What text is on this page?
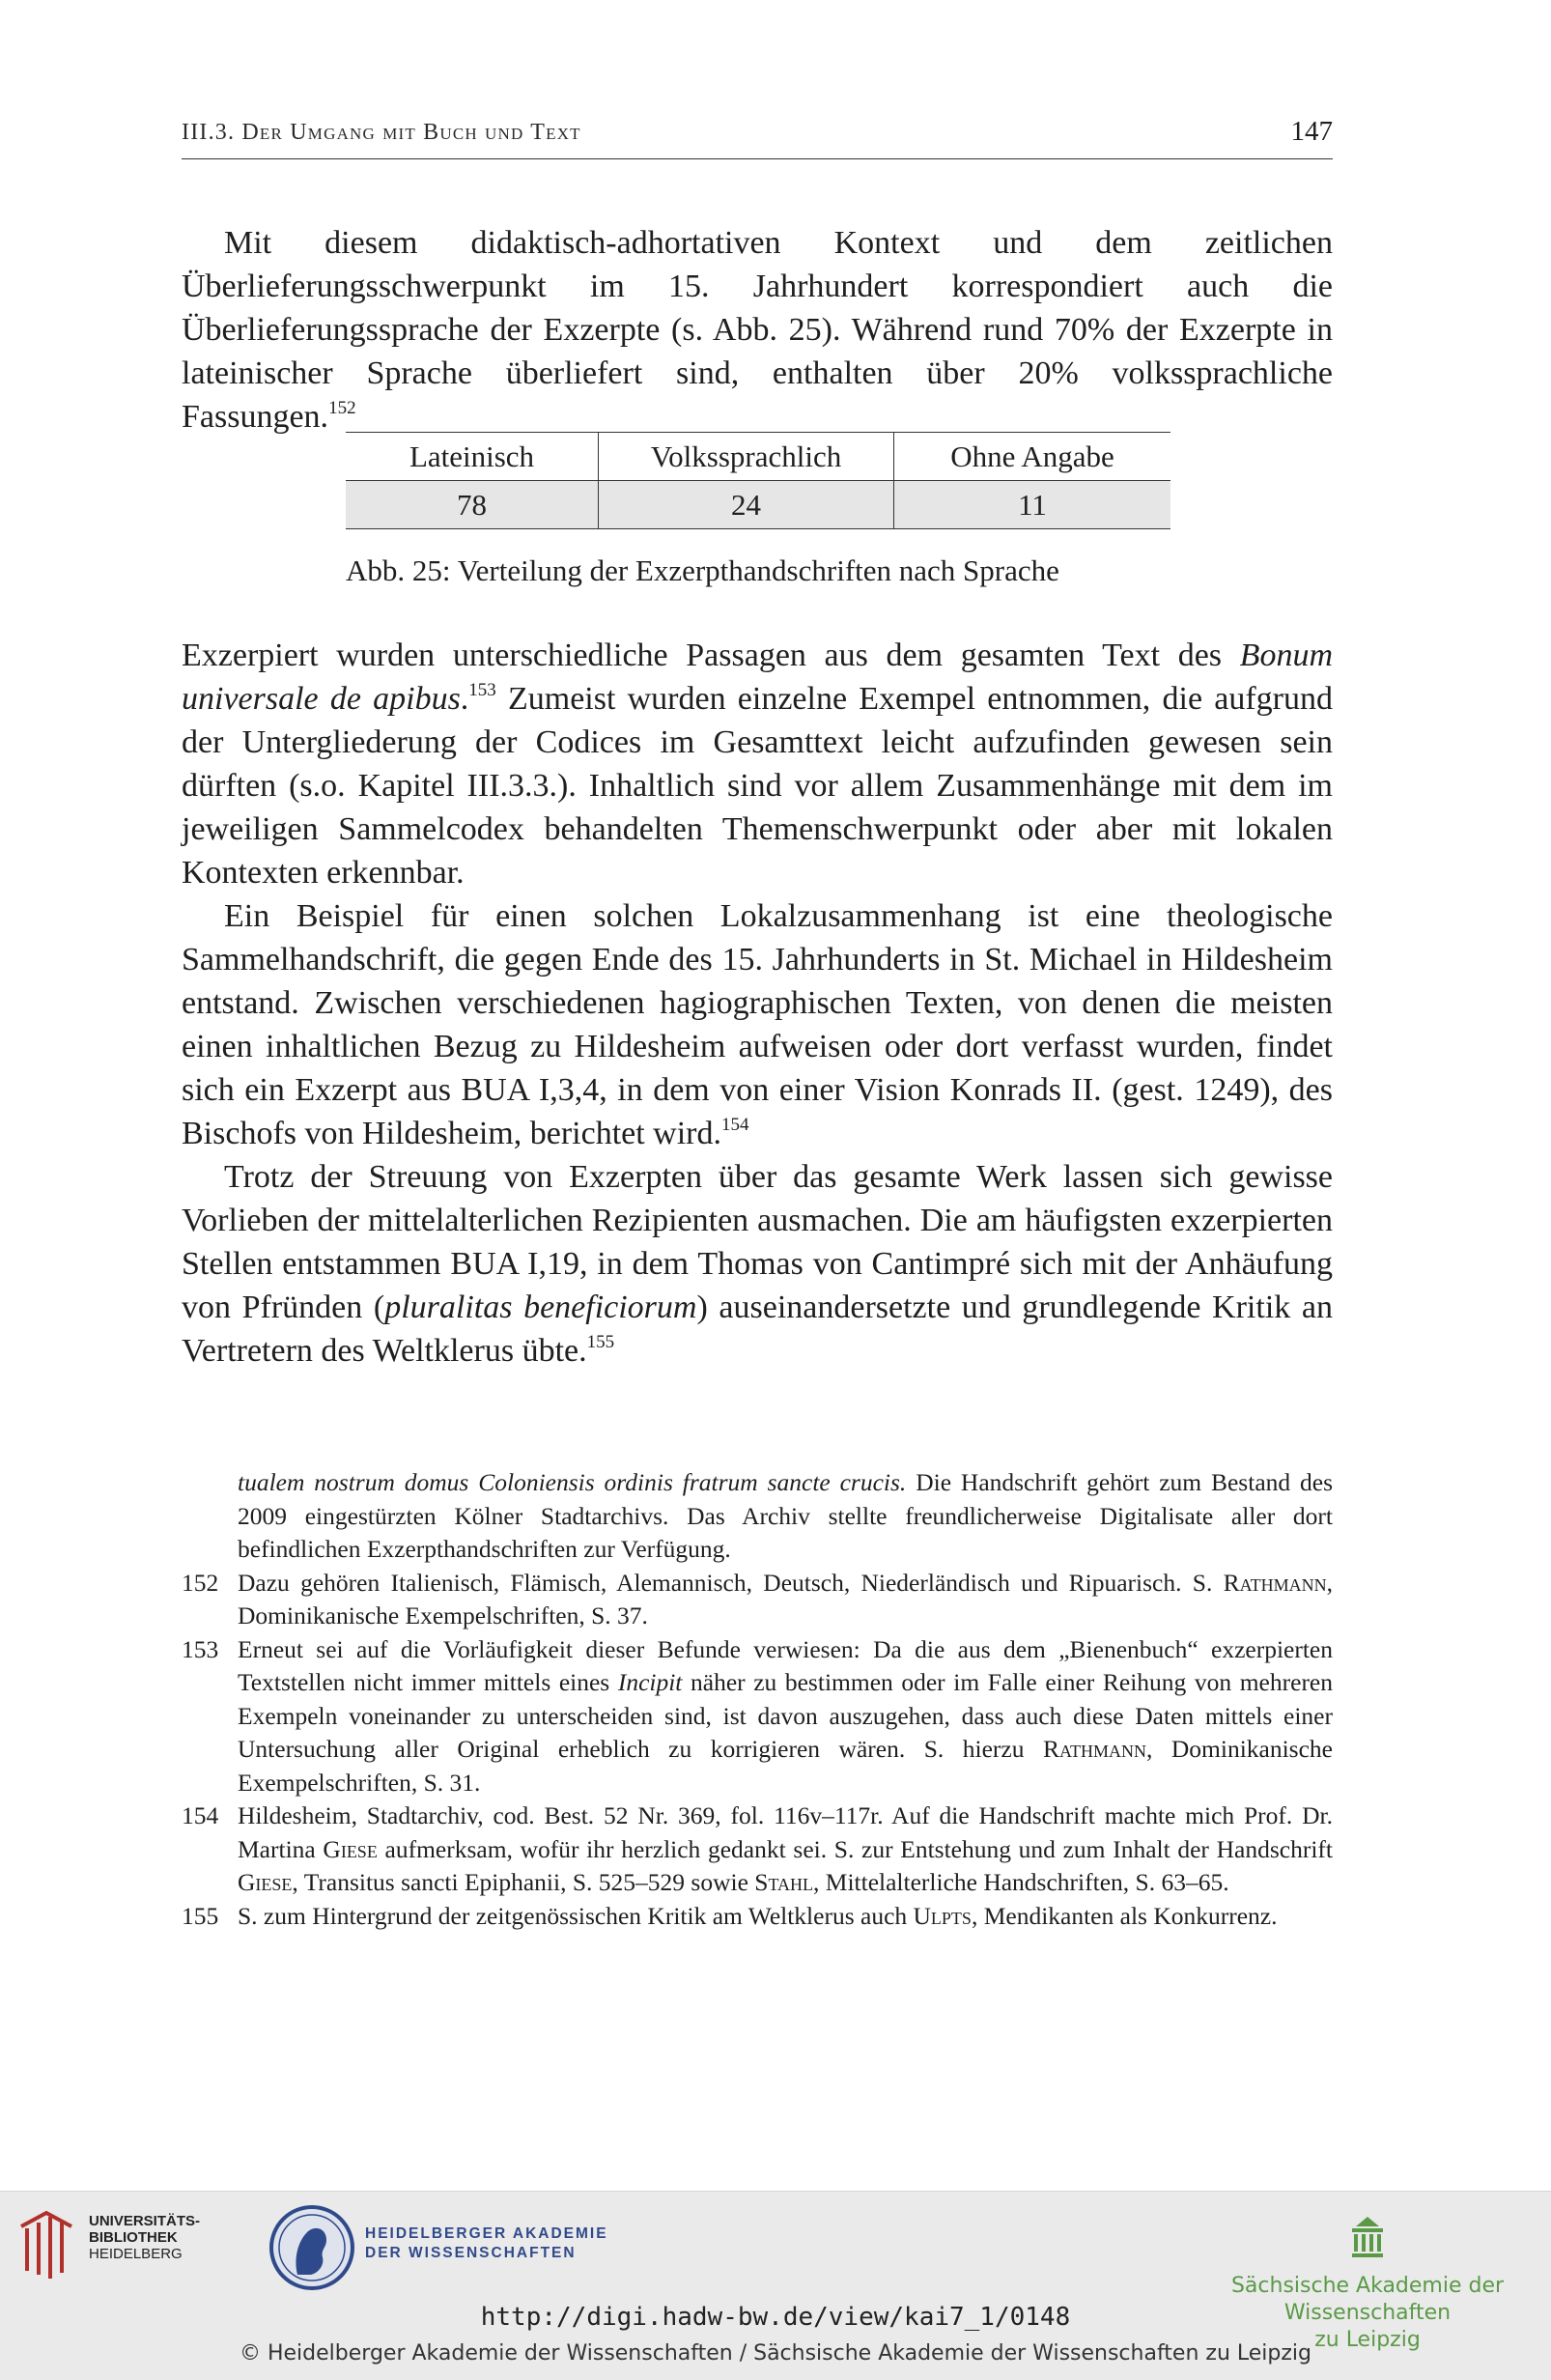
III.3. Der Umgang mit Buch und Text	147

Mit diesem didaktisch-adhortativen Kontext und dem zeitlichen Überlieferungsschwerpunkt im 15. Jahrhundert korrespondiert auch die Überlieferungssprache der Exzerpte (s. Abb. 25). Während rund 70% der Exzerpte in lateinischer Sprache überliefert sind, enthalten über 20% volkssprachliche Fassungen.$^{152}$

Lateinisch	Volkssprachlich	Ohne Angabe
78	24	11
Abb. 25: Verteilung der Exzerpthandschriften nach Sprache

Exzerpiert wurden unterschiedliche Passagen aus dem gesamten Text des Bonum universale de apibus.$^{153}$ Zumeist wurden einzelne Exempel entnommen, die aufgrund der Untergliederung der Codices im Gesamttext leicht aufzufinden gewesen sein dürften (s.o. Kapitel III.3.3.). Inhaltlich sind vor allem Zusammenhänge mit dem im jeweiligen Sammelcodex behandelten Themenschwerpunkt oder aber mit lokalen Kontexten erkennbar.

Ein Beispiel für einen solchen Lokalzusammenhang ist eine theologische Sammelhandschrift, die gegen Ende des 15. Jahrhunderts in St. Michael in Hildesheim entstand. Zwischen verschiedenen hagiographischen Texten, von denen die meisten einen inhaltlichen Bezug zu Hildesheim aufweisen oder dort verfasst wurden, findet sich ein Exzerpt aus BUA I,3,4, in dem von einer Vision Konrads II. (gest. 1249), des Bischofs von Hildesheim, berichtet wird.$^{154}$

Trotz der Streuung von Exzerpten über das gesamte Werk lassen sich gewisse Vorlieben der mittelalterlichen Rezipienten ausmachen. Die am häufigsten exzerpierten Stellen entstammen BUA I,19, in dem Thomas von Cantimpré sich mit der Anhäufung von Pfründen (pluralitas beneficiorum) auseinandersetzte und grundlegende Kritik an Vertretern des Weltklerus übte.$^{155}$

tualem nostrum domus Coloniensis ordinis fratrum sancte crucis. Die Handschrift gehört zum Bestand des 2009 eingestürzten Kölner Stadtarchivs. Das Archiv stellte freundlicherweise Digitalisate aller dort befindlichen Exzerpthandschriften zur Verfügung.
152 Dazu gehören Italienisch, Flämisch, Alemannisch, Deutsch, Niederländisch und Ripuarisch. S. Rathmann, Dominikanische Exempelschriften, S. 37.
153 Erneut sei auf die Vorläufigkeit dieser Befunde verwiesen: Da die aus dem „Bienenbuch“ exzerpierten Textstellen nicht immer mittels eines Incipit näher zu bestimmen oder im Falle einer Reihung von mehreren Exempeln voneinander zu unterscheiden sind, ist davon auszugehen, dass auch diese Daten mittels einer Untersuchung aller Original erheblich zu korrigieren wären. S. hierzu Rathmann, Dominikanische Exempelschriften, S. 31.
154 Hildesheim, Stadtarchiv, cod. Best. 52 Nr. 369, fol. 116v–117r. Auf die Handschrift machte mich Prof. Dr. Martina Giese aufmerksam, wofür ihr herzlich gedankt sei. S. zur Entstehung und zum Inhalt der Handschrift Giese, Transitus sancti Epiphanii, S. 525–529 sowie Stahl, Mittelalterliche Handschriften, S. 63–65.
155 S. zum Hintergrund der zeitgenössischen Kritik am Weltklerus auch Ulpts, Mendikanten als Konkurrenz.
UNIVERSITÄTS-
BIBLIOTHEK
HEIDELBERG
HEIDELBERGER AKADEMIE
DER WISSENSCHAFTEN
Sächsische Akademie der Wissenschaften
zu Leipzig
http://digi.hadw-bw.de/view/kai7_1/0148
© Heidelberger Akademie der Wissenschaften / Sächsische Akademie der Wissenschaften zu Leipzig
